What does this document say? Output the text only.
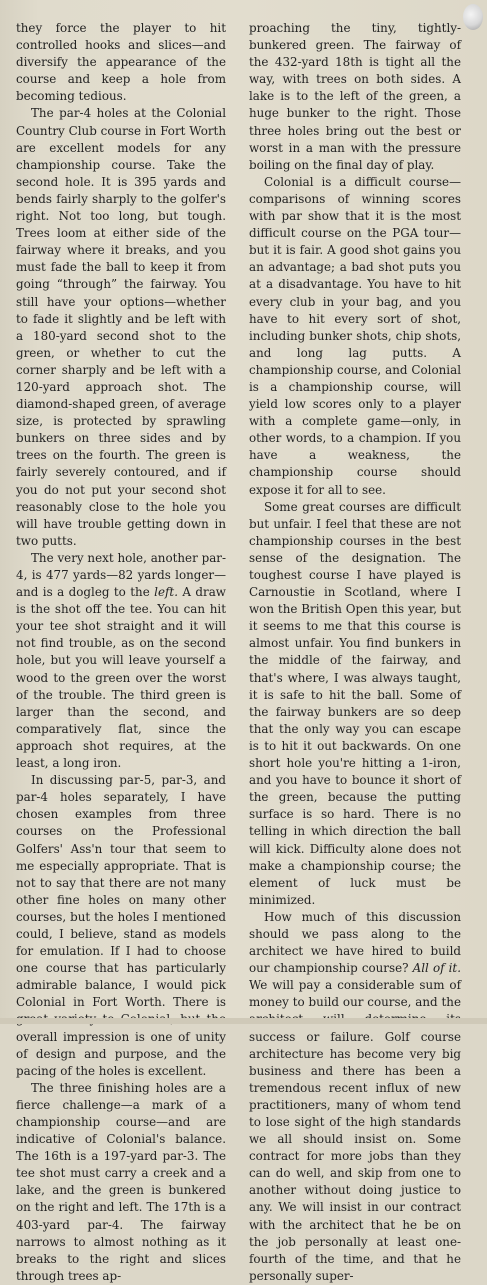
they force the player to hit controlled hooks and slices—and diversify the appearance of the course and keep a hole from becoming tedious.

The par-4 holes at the Colonial Country Club course in Fort Worth are excellent models for any championship course. Take the second hole. It is 395 yards and bends fairly sharply to the golfer's right. Not too long, but tough. Trees loom at either side of the fairway where it breaks, and you must fade the ball to keep it from going “through” the fairway. You still have your options—whether to fade it slightly and be left with a 180-yard second shot to the green, or whether to cut the corner sharply and be left with a 120-yard approach shot. The diamond-shaped green, of average size, is protected by sprawling bunkers on three sides and by trees on the fourth. The green is fairly severely contoured, and if you do not put your second shot reasonably close to the hole you will have trouble getting down in two putts.

The very next hole, another par-4, is 477 yards—82 yards longer—and is a dogleg to the left. A draw is the shot off the tee. You can hit your tee shot straight and it will not find trouble, as on the second hole, but you will leave yourself a wood to the green over the worst of the trouble. The third green is larger than the second, and comparatively flat, since the approach shot requires, at the least, a long iron.

In discussing par-5, par-3, and par-4 holes separately, I have chosen examples from three courses on the Professional Golfers' Ass'n tour that seem to me especially appropriate. That is not to say that there are not many other fine holes on many other courses, but the holes I mentioned could, I believe, stand as models for emulation. If I had to choose one course that has particularly admirable balance, I would pick Colonial in Fort Worth. There is overall impression is one of unity of design and purpose, and the pacing of the holes is excellent.

The three finishing holes are a fierce challenge—a mark of a championship course—and are indicative of Colonial's balance. The 16th is a 197-yard par-3. The tee shot must carry a creek and a lake, and the green is bunkered on the right and left. The 17th is a 403-yard par-4. The fairway narrows to almost nothing as it breaks to the right and slices through trees ap-

proaching the tiny, tightly-bunkered green. The fairway of the 432-yard 18th is tight all the way, with trees on both sides. A lake is to the left of the green, a huge bunker to the right. Those three holes bring out the best or worst in a man with the pressure boiling on the final day of play.

Colonial is a difficult course—comparisons of winning scores with par show that it is the most difficult course on the PGA tour—but it is fair. A good shot gains you an advantage; a bad shot puts you at a disadvantage. You have to hit every club in your bag, and you have to hit every sort of shot, including bunker shots, chip shots, and long lag putts. A championship course, and Colonial is a championship course, will yield low scores only to a player with a complete game—only, in other words, to a champion. If you have a weakness, the championship course should expose it for all to see.

Some great courses are difficult but unfair. I feel that these are not championship courses in the best sense of the designation. The toughest course I have played is Carnoustie in Scotland, where I won the British Open this year, but it seems to me that this course is almost unfair. You find bunkers in the middle of the fairway, and that's where, I was always taught, it is safe to hit the ball. Some of the fairway bunkers are so deep that the only way you can escape is to hit it out backwards. On one short hole you're hitting a 1-iron, and you have to bounce it short of the green, because the putting surface is so hard. There is no telling in which direction the ball will kick. Difficulty alone does not make a championship course; the element of luck must be minimized.

How much of this discussion should we pass along to the architect we have hired to build our championship course? All of it. We will pay a considerable sum of money to build our course, and the success or failure. Golf course architecture has become very big business and there has been a tremendous recent influx of new practitioners, many of whom tend to lose sight of the high standards we all should insist on. Some contract for more jobs than they can do well, and skip from one to another without doing justice to any. We will insist in our contract with the architect that he be on the job personally at least one-fourth of the time, and that he personally super-
